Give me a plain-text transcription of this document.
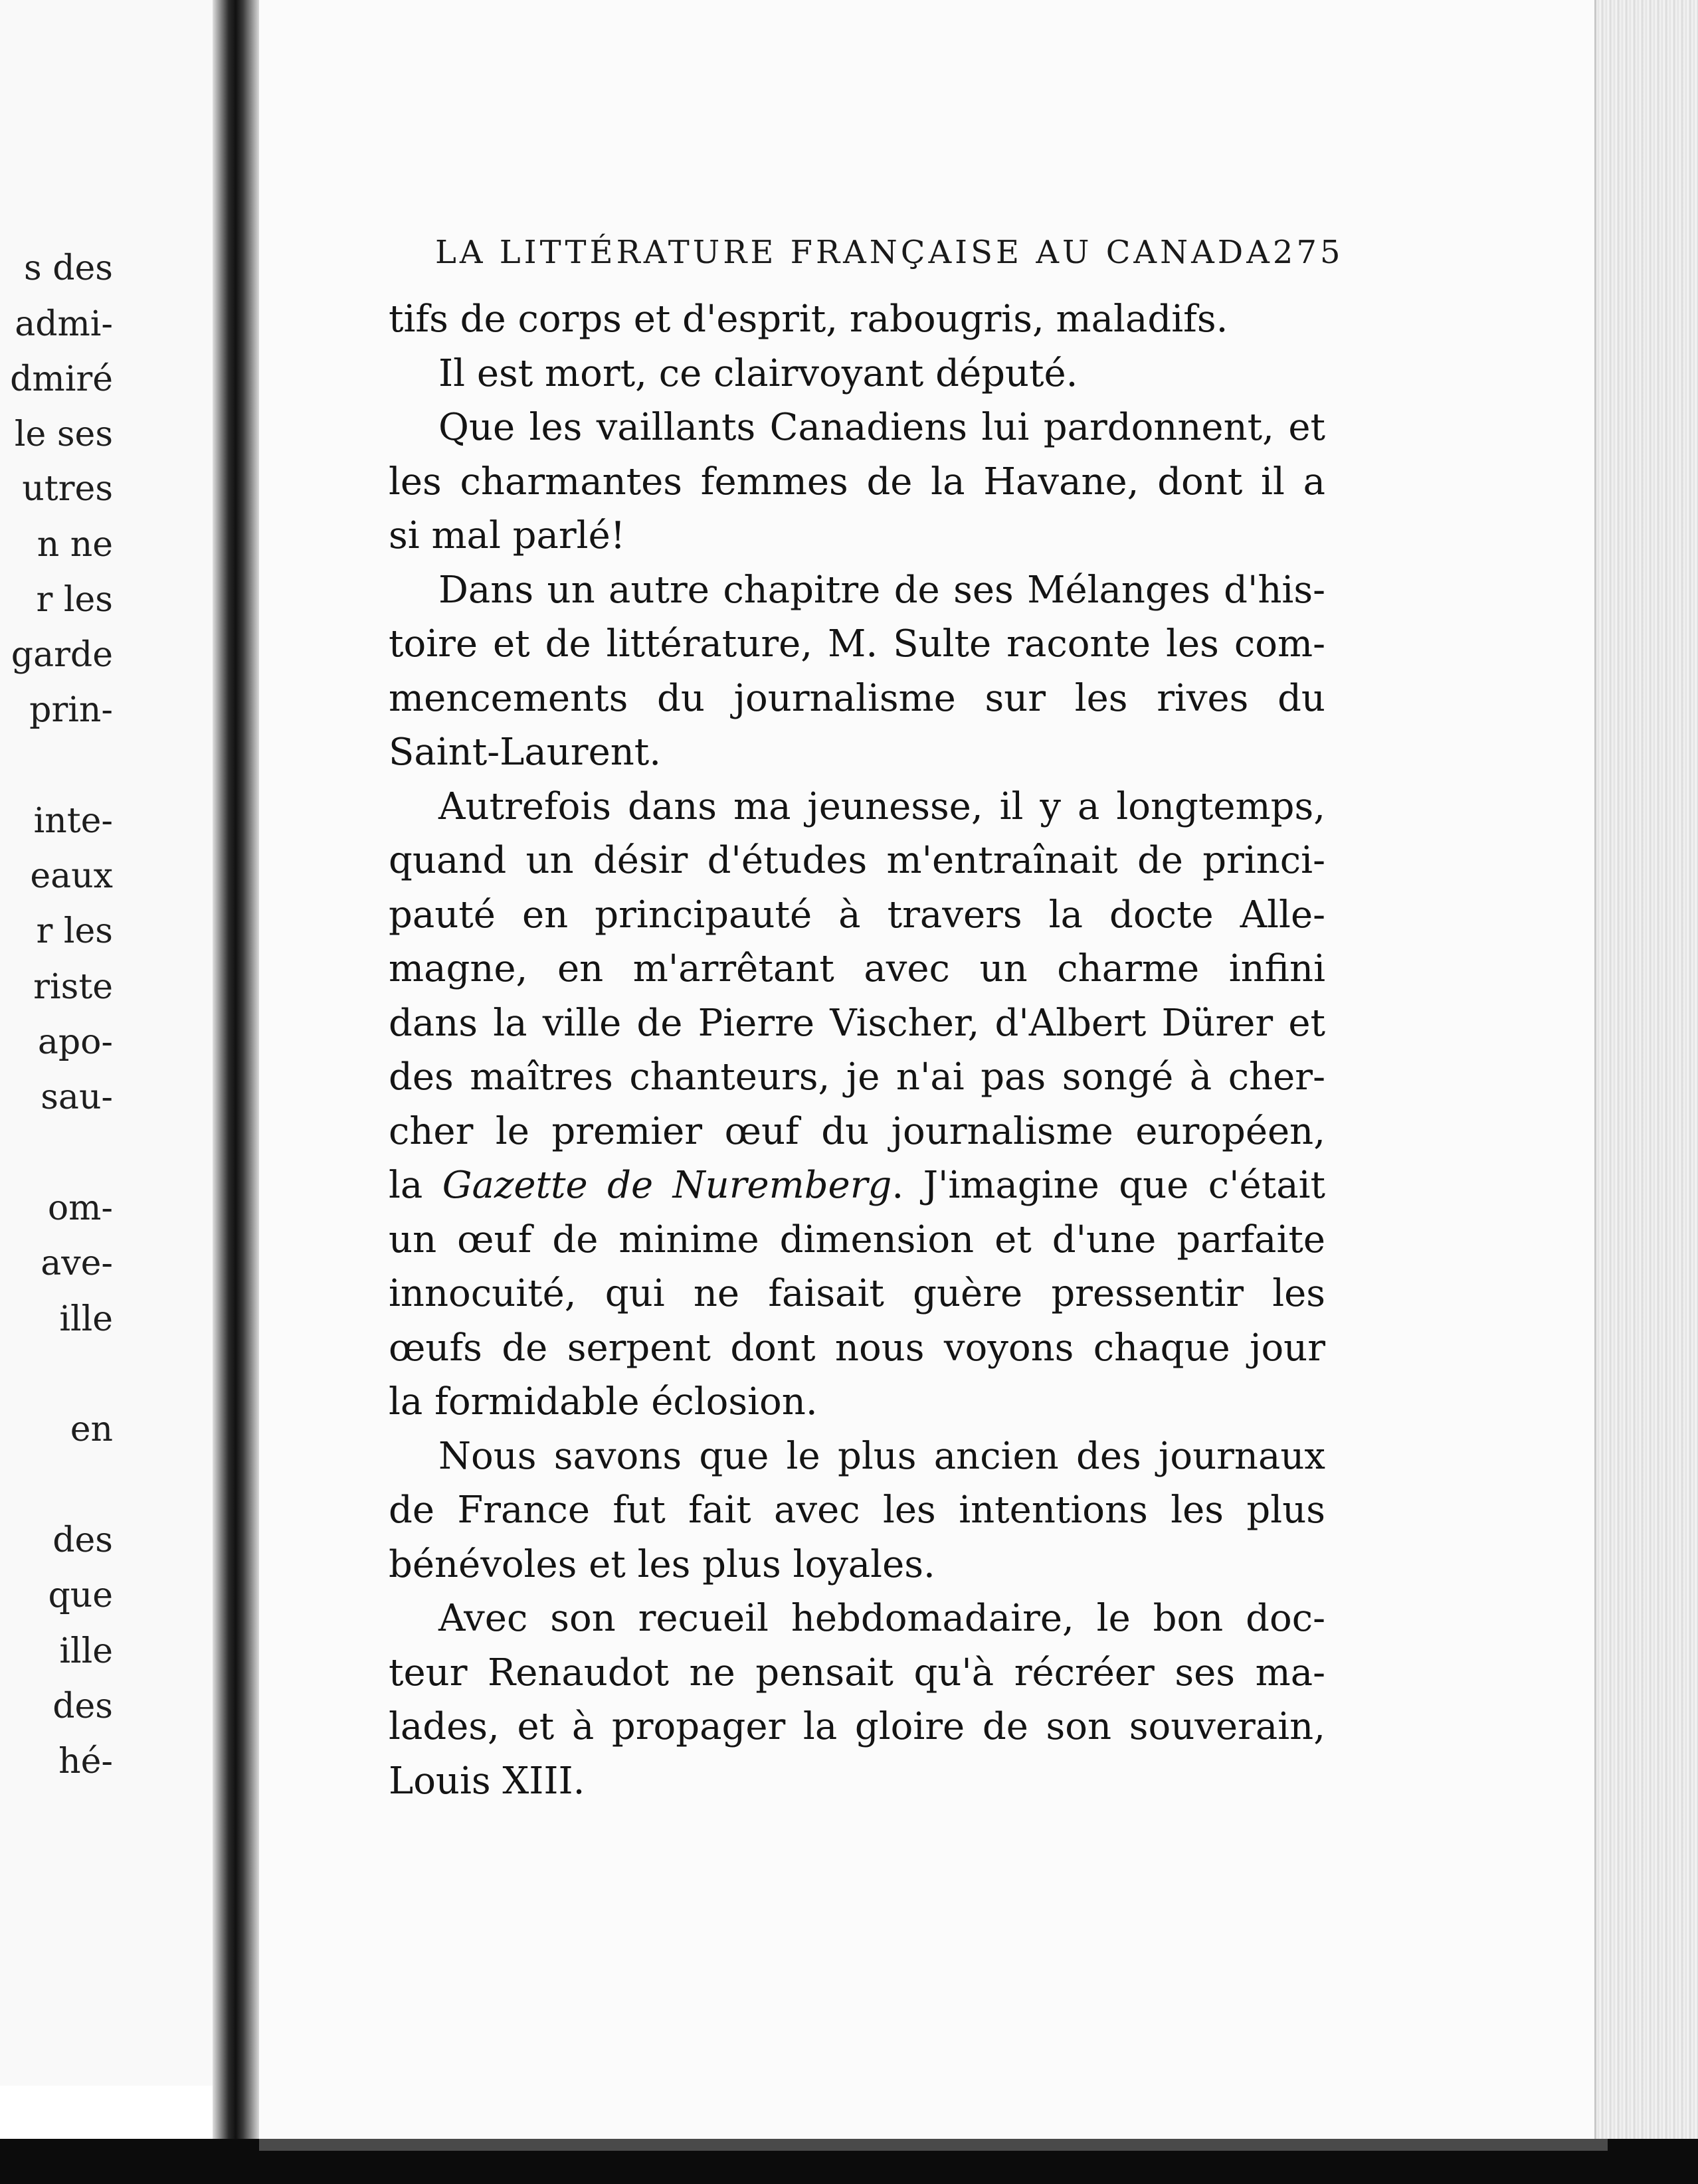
s des
admi-
dmiré
le ses
utres
n ne
r les
garde
prin-
inte-
eaux
r les
riste
apo-
sau-
om-
ave-
ille
en
des
que
ille
des
hé-
LA LITTÉRATURE FRANÇAISE AU CANADA 275
tifs de corps et d'esprit, rabougris, maladifs.
Il est mort, ce clairvoyant député.
Que les vaillants Canadiens lui pardonnent, et
les charmantes femmes de la Havane, dont il a
si mal parlé!
Dans un autre chapitre de ses Mélanges d'his-
toire et de littérature, M. Sulte raconte les com-
mencements du journalisme sur les rives du
Saint-Laurent.
Autrefois dans ma jeunesse, il y a longtemps,
quand un désir d'études m'entraînait de princi-
pauté en principauté à travers la docte Alle-
magne, en m'arrêtant avec un charme infini
dans la ville de Pierre Vischer, d'Albert Dürer et
des maîtres chanteurs, je n'ai pas songé à cher-
cher le premier œuf du journalisme européen,
la Gazette de Nuremberg. J'imagine que c'était
un œuf de minime dimension et d'une parfaite
innocuité, qui ne faisait guère pressentir les
œufs de serpent dont nous voyons chaque jour
la formidable éclosion.
Nous savons que le plus ancien des journaux
de France fut fait avec les intentions les plus
bénévoles et les plus loyales.
Avec son recueil hebdomadaire, le bon doc-
teur Renaudot ne pensait qu'à récréer ses ma-
lades, et à propager la gloire de son souverain,
Louis XIII.
